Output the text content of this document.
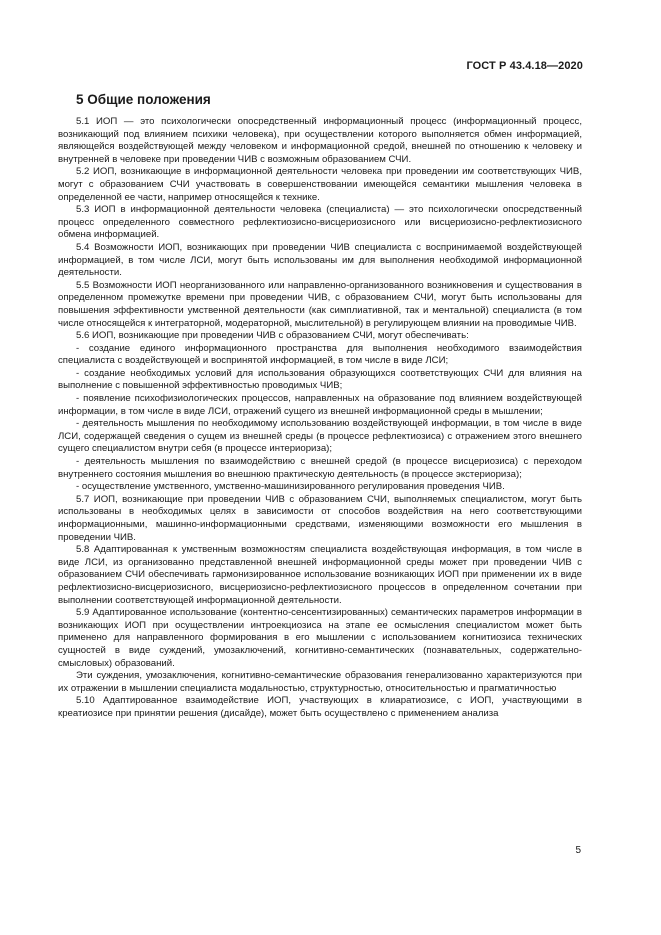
ГОСТ Р 43.4.18—2020
5 Общие положения

5.1 ИОП — это психологически опосредственный информационный процесс (информационный процесс, возникающий под влиянием психики человека), при осуществлении которого выполняется обмен информацией, являющейся воздействующей между человеком и информационной средой, внешней по отношению к человеку и внутренней в человеке при проведении ЧИВ с возможным образованием СЧИ.

5.2 ИОП, возникающие в информационной деятельности человека при проведении им соответствующих ЧИВ, могут с образованием СЧИ участвовать в совершенствовании имеющейся семантики мышления человека в определенной ее части, например относящейся к технике.

5.3 ИОП в информационной деятельности человека (специалиста) — это психологически опосредственный процесс определенного совместного рефлектиозисно-висцериозисного или висцериозисно-рефлектиозисного обмена информацией.

5.4 Возможности ИОП, возникающих при проведении ЧИВ специалиста с воспринимаемой воздействующей информацией, в том числе ЛСИ, могут быть использованы им для выполнения необходимой информационной деятельности.

5.5 Возможности ИОП неорганизованного или направленно-организованного возникновения и существования в определенном промежутке времени при проведении ЧИВ, с образованием СЧИ, могут быть использованы для повышения эффективности умственной деятельности (как симплиативной, так и ментальной) специалиста (в том числе относящейся к интеграторной, модераторной, мыслительной) в регулирующем влиянии на проводимые ЧИВ.

5.6 ИОП, возникающие при проведении ЧИВ с образованием СЧИ, могут обеспечивать:

- создание единого информационного пространства для выполнения необходимого взаимодействия специалиста с воздействующей и воспринятой информацией, в том числе в виде ЛСИ;

- создание необходимых условий для использования образующихся соответствующих СЧИ для влияния на выполнение с повышенной эффективностью проводимых ЧИВ;

- появление психофизиологических процессов, направленных на образование под влиянием воздействующей информации, в том числе в виде ЛСИ, отражений сущего из внешней информационной среды в мышлении;

- деятельность мышления по необходимому использованию воздействующей информации, в том числе в виде ЛСИ, содержащей сведения о сущем из внешней среды (в процессе рефлектиозиса) с отражением этого внешнего сущего специалистом внутри себя (в процессе интериориза);

- деятельность мышления по взаимодействию с внешней средой (в процессе висцериозиса) с переходом внутреннего состояния мышления во внешнюю практическую деятельность (в процессе экстериориза);

- осуществление умственного, умственно-машинизированного регулирования проведения ЧИВ.

5.7 ИОП, возникающие при проведении ЧИВ с образованием СЧИ, выполняемых специалистом, могут быть использованы в необходимых целях в зависимости от способов воздействия на него соответствующими информационными, машинно-информационными средствами, изменяющими возможности его мышления в проведении ЧИВ.

5.8 Адаптированная к умственным возможностям специалиста воздействующая информация, в том числе в виде ЛСИ, из организованно представленной внешней информационной среды может при проведении ЧИВ с образованием СЧИ обеспечивать гармонизированное использование возникающих ИОП при применении их в виде рефлектиозисно-висцериозисного, висцериозисно-рефлектиозисного процессов в определенном сочетании при выполнении соответствующей информационной деятельности.

5.9 Адаптированное использование (контентно-сенсентизированных) семантических параметров информации в возникающих ИОП при осуществлении интроекциозиса на этапе ее осмысления специалистом может быть применено для направленного формирования в его мышлении с использованием когнитиозиса технических сущностей в виде суждений, умозаключений, когнитивно-семантических (познавательных, содержательно-смысловых) образований.

Эти суждения, умозаключения, когнитивно-семантические образования генерализованно характеризуются при их отражении в мышлении специалиста модальностью, структурностью, относительностью и прагматичностью

5.10 Адаптированное взаимодействие ИОП, участвующих в клиаратиозисе, с ИОП, участвующими в креатиозисе при принятии решения (дисайде), может быть осуществлено с применением анализа

5
